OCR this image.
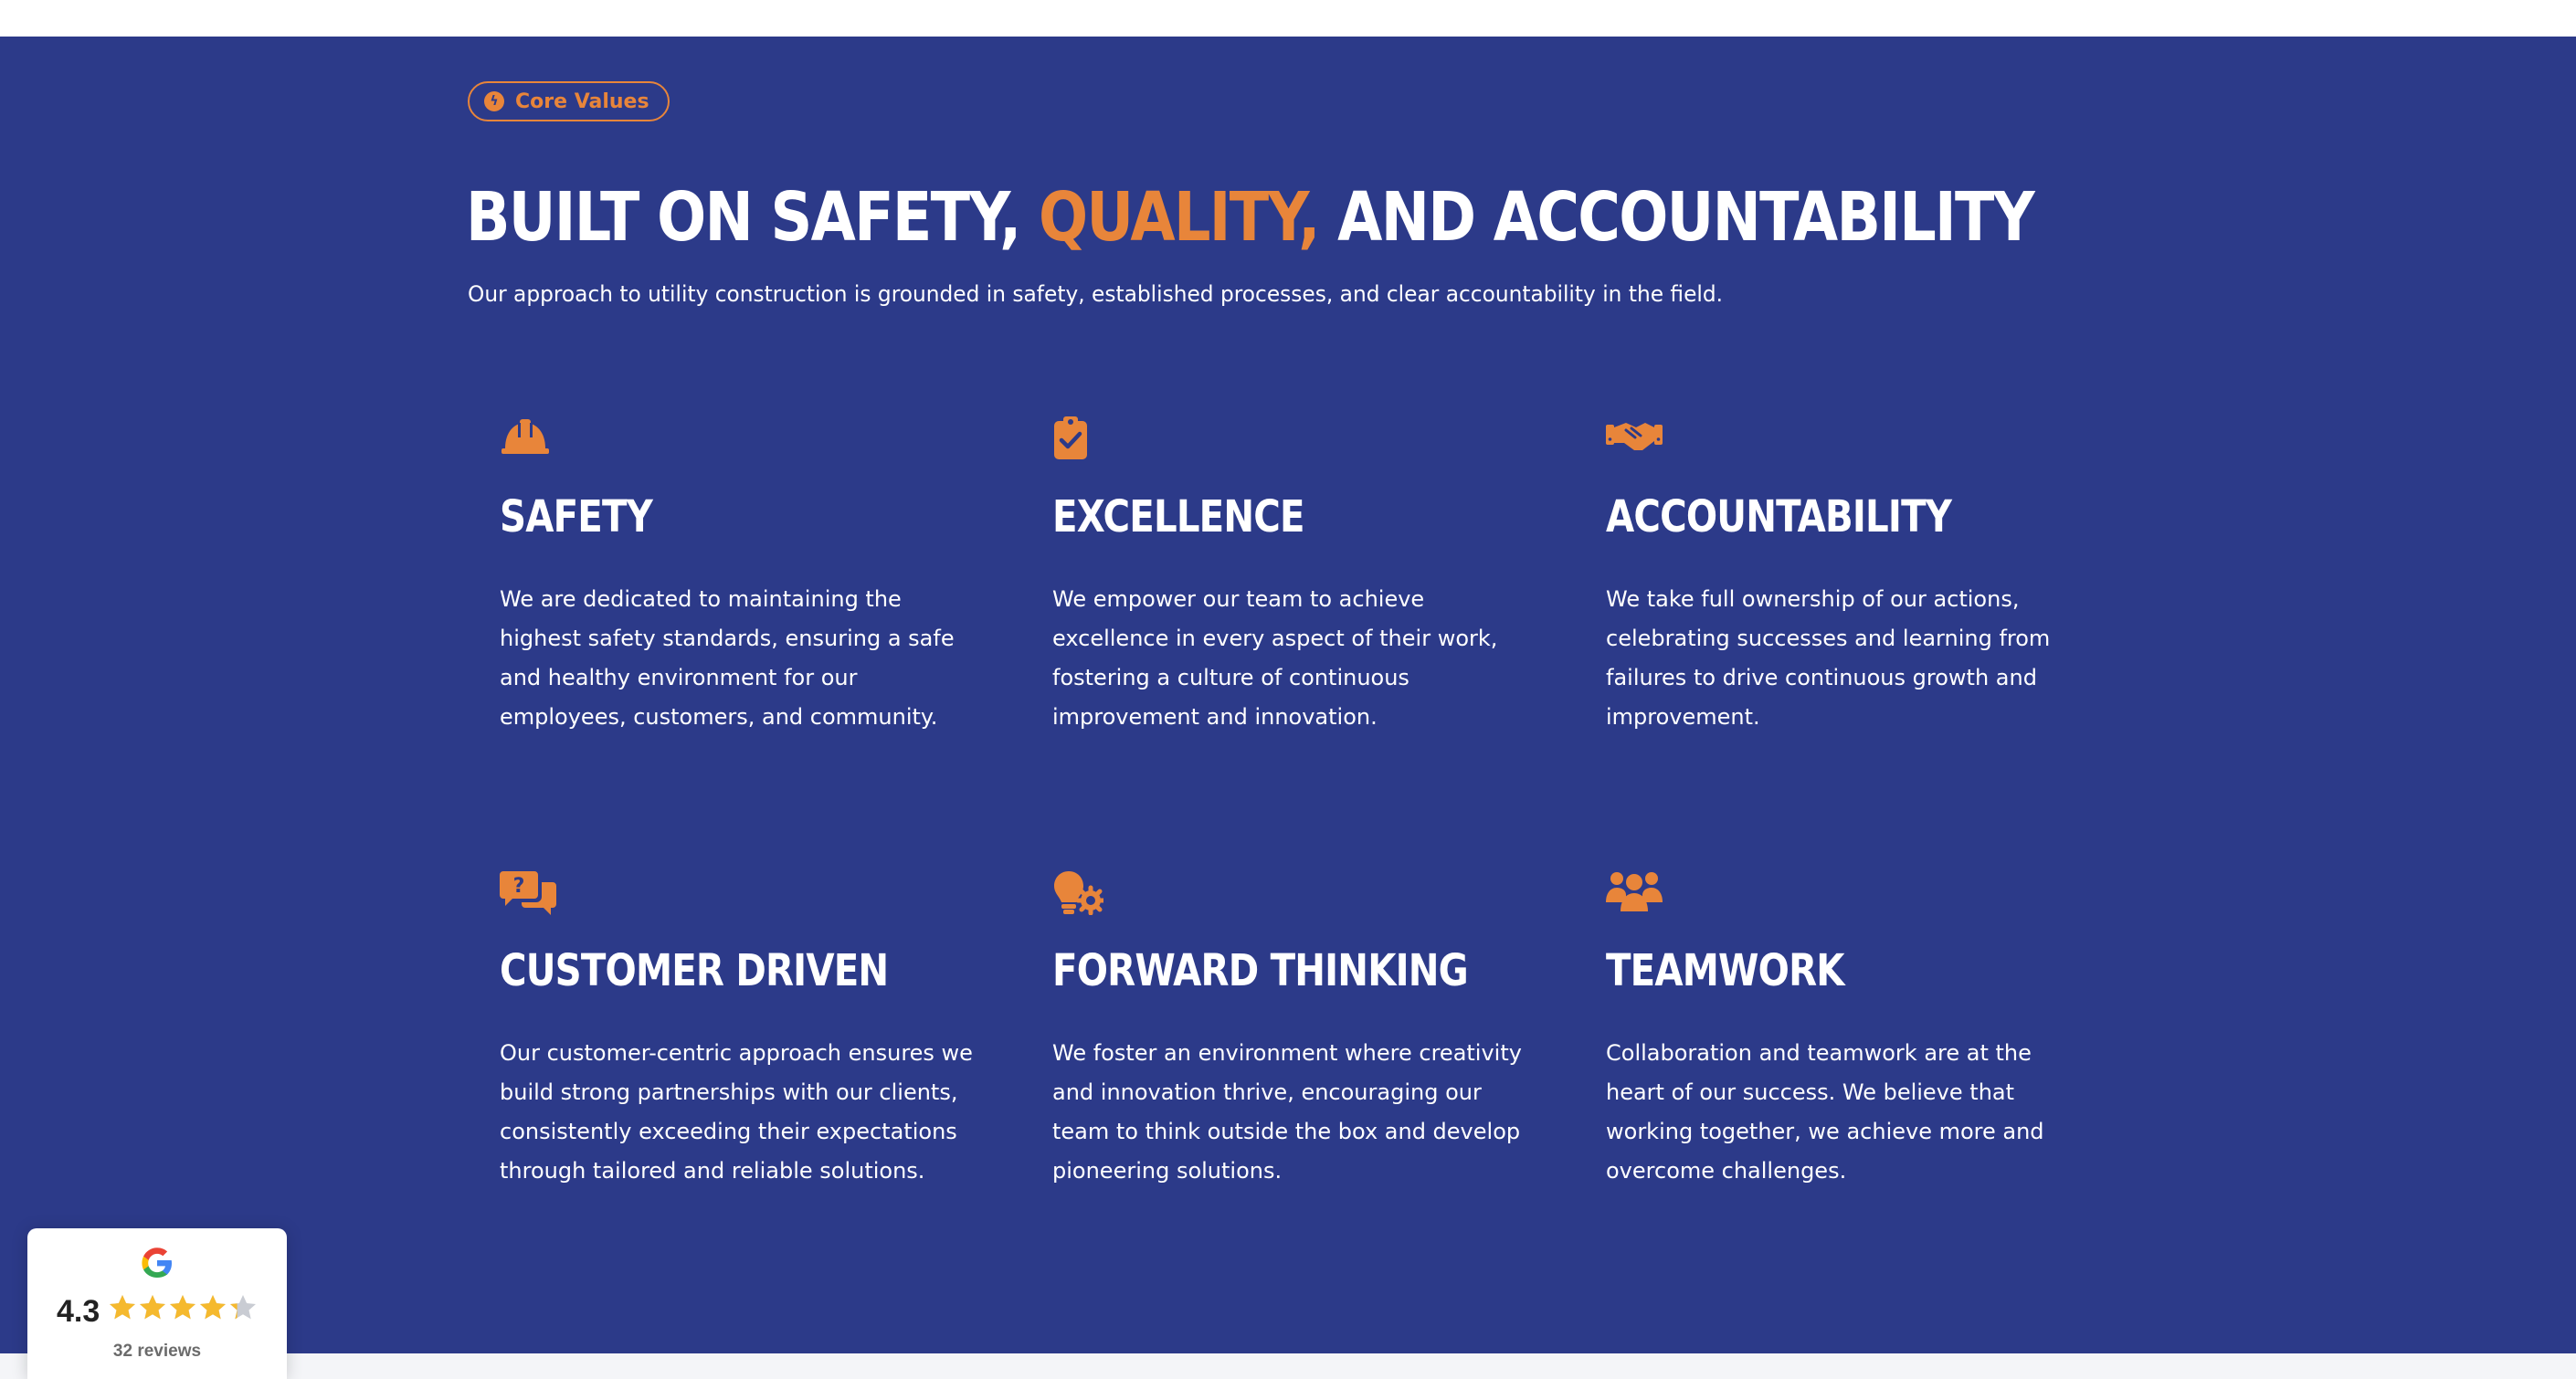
ϟ Core Values
BUILT ON SAFETY, QUALITY, AND ACCOUNTABILITY

Our approach to utility construction is grounded in safety, established processes, and clear accountability in the field.

SAFETY

We are dedicated to maintaining the highest safety standards, ensuring a safe and healthy environment for our employees, customers, and community.

EXCELLENCE

We empower our team to achieve excellence in every aspect of their work, fostering a culture of continuous improvement and innovation.

ACCOUNTABILITY

We take full ownership of our actions, celebrating successes and learning from failures to drive continuous growth and improvement.

?
CUSTOMER DRIVEN

Our customer-centric approach ensures we build strong partnerships with our clients, consistently exceeding their expectations through tailored and reliable solutions.

FORWARD THINKING

We foster an environment where creativity and innovation thrive, encouraging our team to think outside the box and develop pioneering solutions.

TEAMWORK

Collaboration and teamwork are at the heart of our success. We believe that working together, we achieve more and overcome challenges.

4.3
32 reviews
